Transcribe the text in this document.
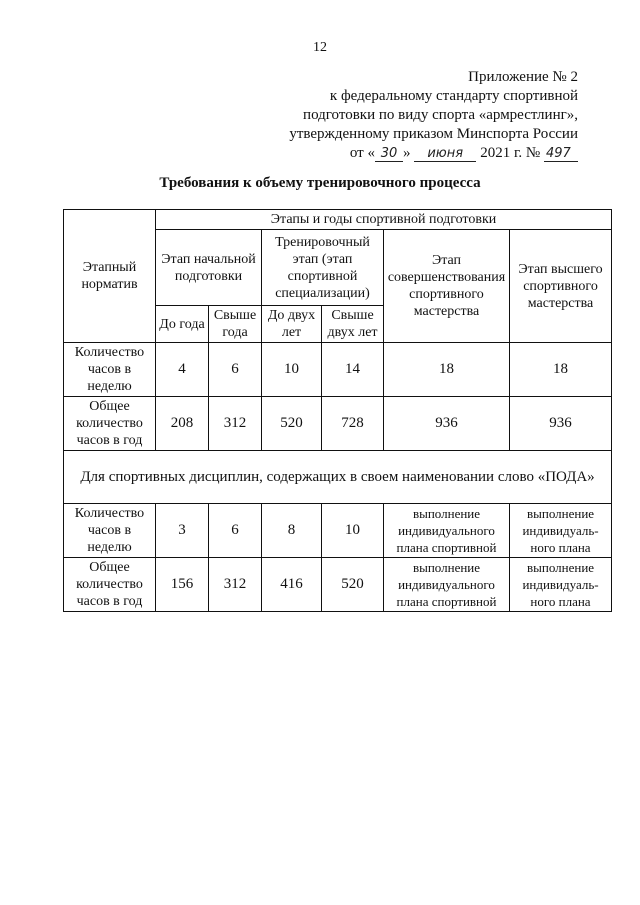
12
Приложение № 2
к федеральному стандарту спортивной
подготовки по виду спорта «армрестлинг»,
утвержденному приказом Минспорта России
от « 30 » июня 2021 г. № 497
Требования к объему тренировочного процесса
Этапный норматив	Этапы и годы спортивной подготовки					
	Этап начальной подготовки		Тренировочный этап (этап спортивной специализации)		Этап совершенствования спортивного мастерства	Этап высшего спортивного мастерства
	До года	Свыше года	До двух лет	Свыше двух лет		
Количество часов в неделю	4	6	10	14	18	18
Общее количество часов в год	208	312	520	728	936	936
Для спортивных дисциплин, содержащих в своем наименовании слово «ПОДА»						
Количество часов в неделю	3	6	8	10	выполнение индивидуального плана спортивной	выполнение индивидуаль-ного плана
Общее количество часов в год	156	312	416	520	выполнение индивидуального плана спортивной	выполнение индивидуаль-ного плана
